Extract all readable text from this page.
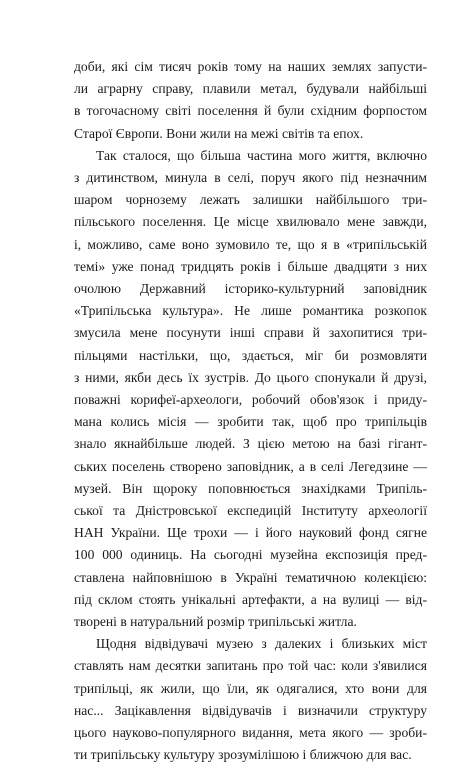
доби, які сім тисяч років тому на наших землях запусти-
ли аграрну справу, плавили метал, будували найбільші
в тогочасному світі поселення й були східним форпостом
Старої Європи. Вони жили на межі світів та епох.

Так сталося, що більша частина мого життя, включно
з дитинством, минула в селі, поруч якого під незначним
шаром чорнозему лежать залишки найбільшого три-
пільського поселення. Це місце хвилювало мене завжди,
і, можливо, саме воно зумовило те, що я в «трипільській
темі» уже понад тридцять років і більше двадцяти з них
очолюю Державний історико-культурний заповідник
«Трипільська культура». Не лише романтика розкопок
змусила мене посунути інші справи й захопитися три-
пільцями настільки, що, здається, міг би розмовляти
з ними, якби десь їх зустрів. До цього спонукали й друзі,
поважні корифеї-археологи, робочий обов'язок і приду-
мана колись місія — зробити так, щоб про трипільців
знало якнайбільше людей. З цією метою на базі гігант-
ських поселень створено заповідник, а в селі Легедзине —
музей. Він щороку поповнюється знахідками Трипіль-
ської та Дністровської експедицій Інституту археології
НАН України. Ще трохи — і його науковий фонд сягне
100 000 одиниць. На сьогодні музейна експозиція пред-
ставлена найповнішою в Україні тематичною колекцією:
під склом стоять унікальні артефакти, а на вулиці — від-
творені в натуральний розмір трипільські житла.

Щодня відвідувачі музею з далеких і близьких міст
ставлять нам десятки запитань про той час: коли з'явилися
трипільці, як жили, що їли, як одягалися, хто вони для
нас... Зацікавлення відвідувачів і визначили структуру
цього науково-популярного видання, мета якого — зроби-
ти трипільську культуру зрозумілішою і ближчою для вас.
